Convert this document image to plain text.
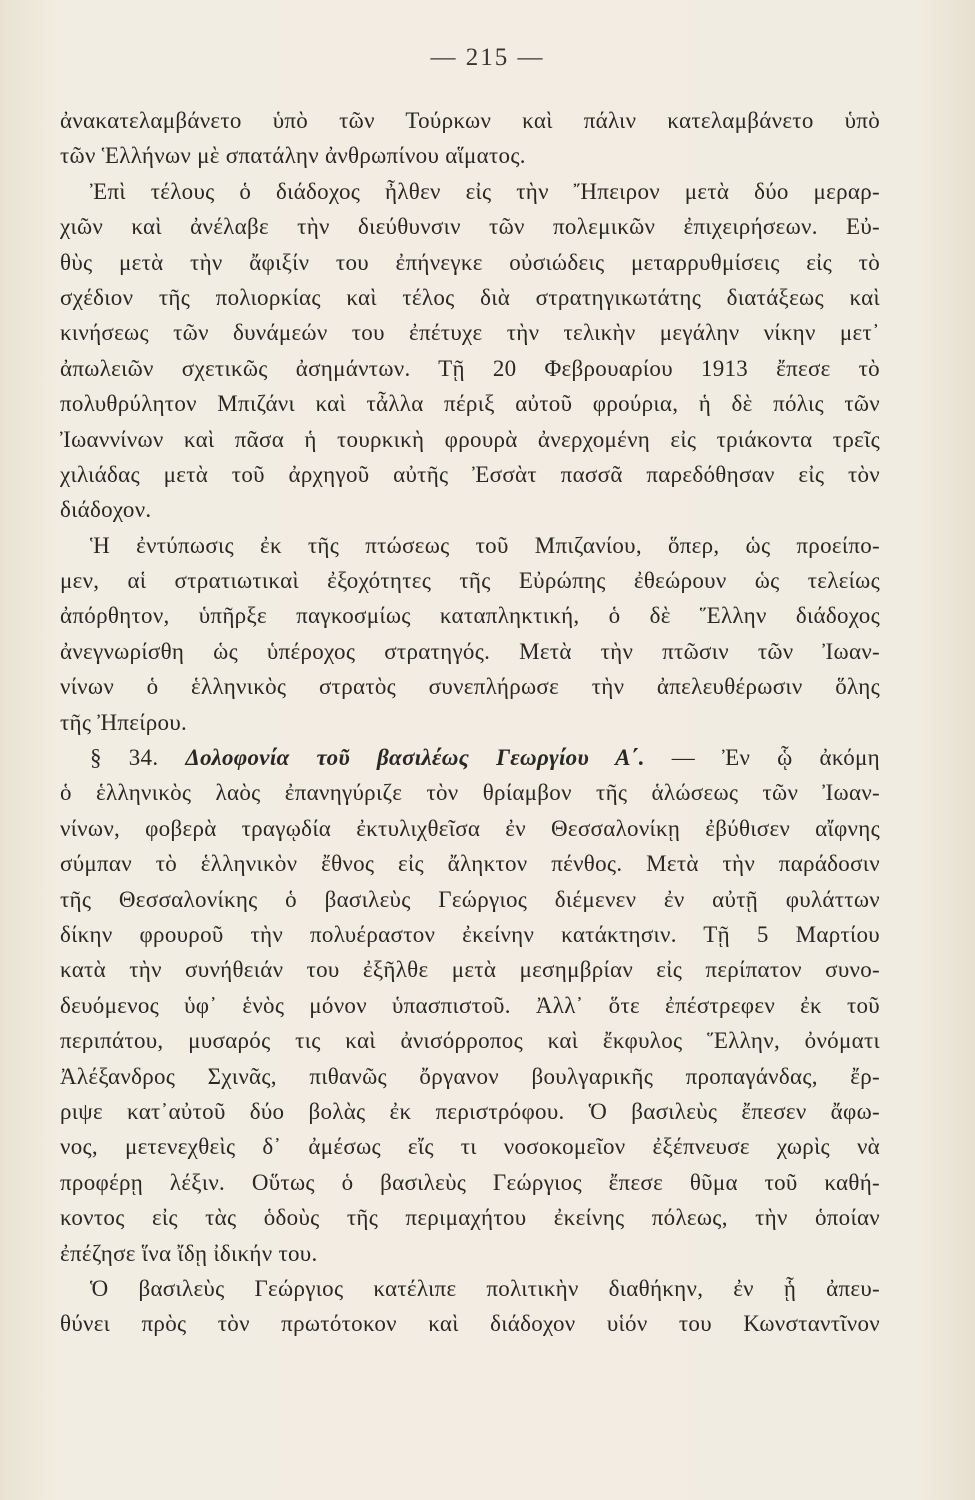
— 215 —
ἀνακατελαμβάνετο ὑπὸ τῶν Τούρκων καὶ πάλιν κατελαμβάνετο ὑπὸ
τῶν Ἑλλήνων μὲ σπατάλην ἀνθρωπίνου αἵματος.
Ἐπὶ τέλους ὁ διάδοχος ἦλθεν εἰς τὴν Ἤπειρον μετὰ δύο μεραρ-
χιῶν καὶ ἀνέλαβε τὴν διεύθυνσιν τῶν πολεμικῶν ἐπιχειρήσεων. Εὐ-
θὺς μετὰ τὴν ἄφιξίν του ἐπήνεγκε οὐσιώδεις μεταρρυθμίσεις εἰς τὸ
σχέδιον τῆς πολιορκίας καὶ τέλος διὰ στρατηγικωτάτης διατάξεως καὶ
κινήσεως τῶν δυνάμεών του ἐπέτυχε τὴν τελικὴν μεγάλην νίκην μετ᾽
ἀπωλειῶν σχετικῶς ἀσημάντων. Τῇ 20 Φεβρουαρίου 1913 ἔπεσε τὸ
πολυθρύλητον Μπιζάνι καὶ τἆλλα πέριξ αὐτοῦ φρούρια, ἡ δὲ πόλις τῶν
Ἰωαννίνων καὶ πᾶσα ἡ τουρκικὴ φρουρὰ ἀνερχομένη εἰς τριάκοντα τρεῖς
χιλιάδας μετὰ τοῦ ἀρχηγοῦ αὐτῆς Ἐσσὰτ πασσᾶ παρεδόθησαν εἰς τὸν
διάδοχον.
Ἡ ἐντύπωσις ἐκ τῆς πτώσεως τοῦ Μπιζανίου, ὅπερ, ὡς προείπο-
μεν, αἱ στρατιωτικαὶ ἐξοχότητες τῆς Εὐρώπης ἐθεώρουν ὡς τελείως
ἀπόρθητον, ὑπῆρξε παγκοσμίως καταπληκτική, ὁ δὲ Ἕλλην διάδοχος
ἀνεγνωρίσθη ὡς ὑπέροχος στρατηγός. Μετὰ τὴν πτῶσιν τῶν Ἰωαν-
νίνων ὁ ἑλληνικὸς στρατὸς συνεπλήρωσε τὴν ἀπελευθέρωσιν ὅλης
τῆς Ἠπείρου.
§ 34. Δολοφονία τοῦ βασιλέως Γεωργίου Α΄. — Ἐν ᾧ ἀκόμη
ὁ ἑλληνικὸς λαὸς ἐπανηγύριζε τὸν θρίαμβον τῆς ἁλώσεως τῶν Ἰωαν-
νίνων, φοβερὰ τραγῳδία ἐκτυλιχθεῖσα ἐν Θεσσαλονίκῃ ἐβύθισεν αἴφνης
σύμπαν τὸ ἑλληνικὸν ἔθνος εἰς ἄληκτον πένθος. Μετὰ τὴν παράδοσιν
τῆς Θεσσαλονίκης ὁ βασιλεὺς Γεώργιος διέμενεν ἐν αὐτῇ φυλάττων
δίκην φρουροῦ τὴν πολυέραστον ἐκείνην κατάκτησιν. Τῇ 5 Μαρτίου
κατὰ τὴν συνήθειάν του ἐξῆλθε μετὰ μεσημβρίαν εἰς περίπατον συνο-
δευόμενος ὑφ᾽ ἑνὸς μόνον ὑπασπιστοῦ. Ἀλλ᾽ ὅτε ἐπέστρεφεν ἐκ τοῦ
περιπάτου, μυσαρός τις καὶ ἀνισόρροπος καὶ ἔκφυλος Ἕλλην, ὀνόματι
Ἀλέξανδρος Σχινᾶς, πιθανῶς ὄργανον βουλγαρικῆς προπαγάνδας, ἔρ-
ριψε κατ᾽αὐτοῦ δύο βολὰς ἐκ περιστρόφου. Ὁ βασιλεὺς ἔπεσεν ἄφω-
νος, μετενεχθεὶς δ᾽ ἀμέσως εἴς τι νοσοκομεῖον ἐξέπνευσε χωρὶς νὰ
προφέρῃ λέξιν. Οὕτως ὁ βασιλεὺς Γεώργιος ἔπεσε θῦμα τοῦ καθή-
κοντος εἰς τὰς ὁδοὺς τῆς περιμαχήτου ἐκείνης πόλεως, τὴν ὁποίαν
ἐπέζησε ἵνα ἴδῃ ἰδικήν του.
Ὁ βασιλεὺς Γεώργιος κατέλιπε πολιτικὴν διαθήκην, ἐν ᾗ ἀπευ-
θύνει πρὸς τὸν πρωτότοκον καὶ διάδοχον υἱόν του Κωνσταντῖνον
